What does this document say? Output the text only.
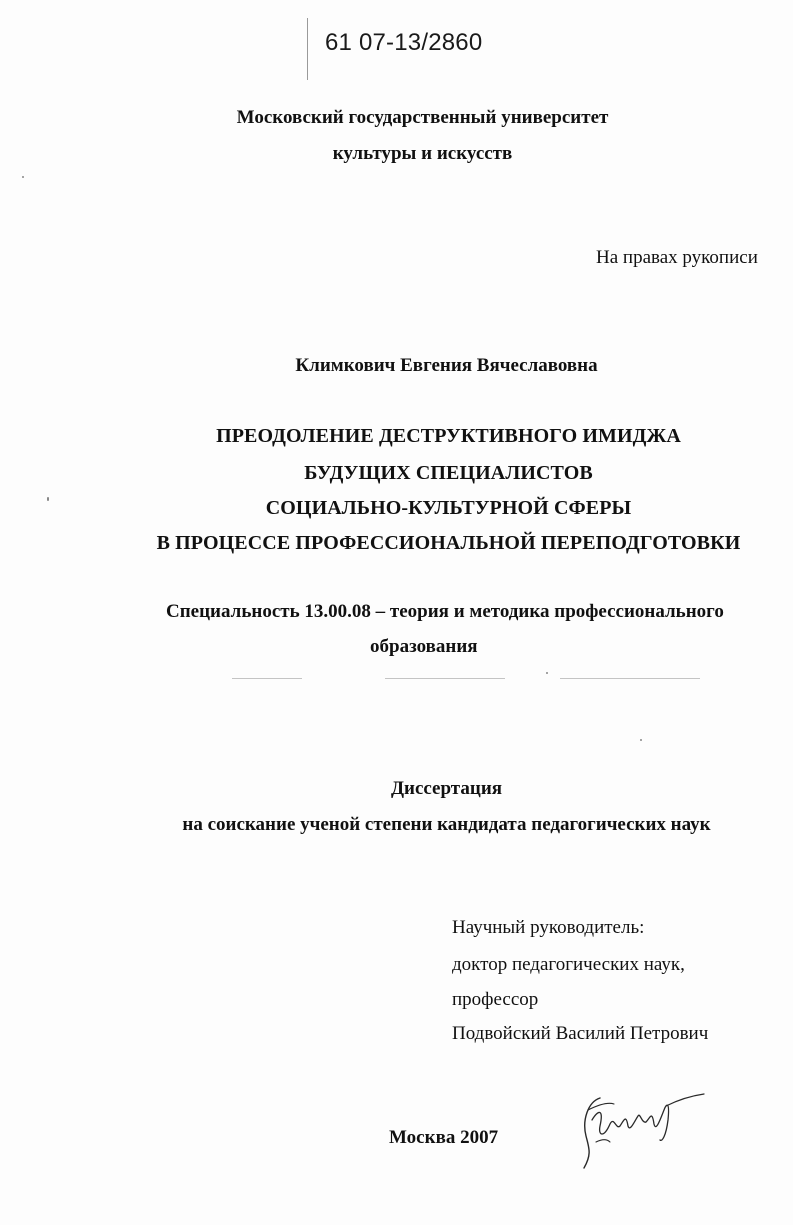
61 07-13/2860

Московский государственный университет

культуры и искусств

На правах рукописи

Климкович Евгения Вячеславовна

ПРЕОДОЛЕНИЕ ДЕСТРУКТИВНОГО ИМИДЖА

БУДУЩИХ СПЕЦИАЛИСТОВ

СОЦИАЛЬНО-КУЛЬТУРНОЙ СФЕРЫ

В ПРОЦЕССЕ ПРОФЕССИОНАЛЬНОЙ ПЕРЕПОДГОТОВКИ

Специальность 13.00.08 – теория и методика профессионального

образования

Диссертация

на соискание ученой степени кандидата педагогических наук

Научный руководитель:

доктор педагогических наук,

профессор

Подвойский Василий Петрович

Москва 2007
